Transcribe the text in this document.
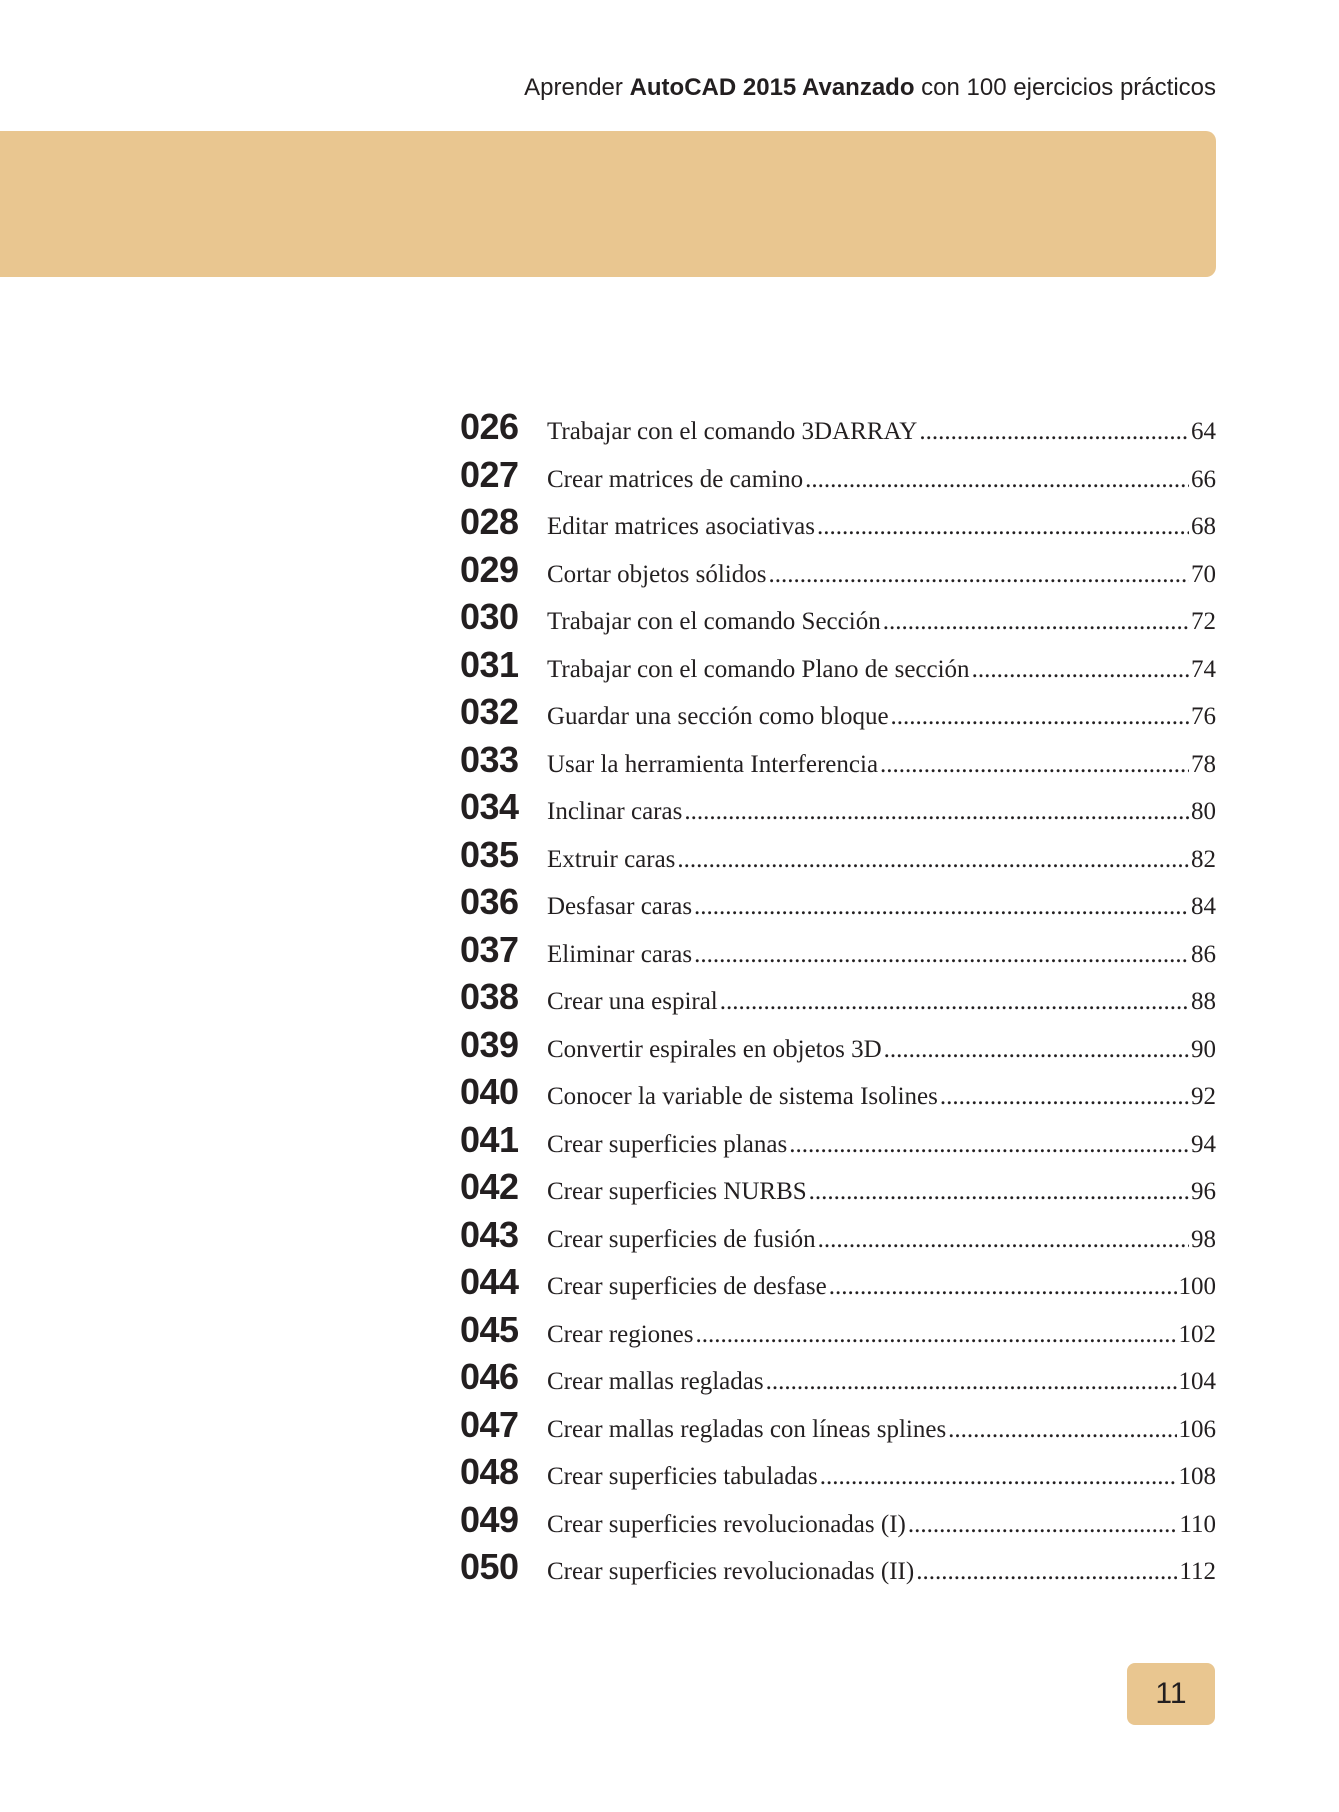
Aprender AutoCAD 2015 Avanzado con 100 ejercicios prácticos
026	Trabajar con el comando 3DARRAY .....	64
027	Crear matrices de camino .....	66
028	Editar matrices asociativas .....	68
029	Cortar objetos sólidos .....	70
030	Trabajar con el comando Sección .....	72
031	Trabajar con el comando Plano de sección .....	74
032	Guardar una sección como bloque .....	76
033	Usar la herramienta Interferencia .....	78
034	Inclinar caras .....	80
035	Extruir caras .....	82
036	Desfasar caras .....	84
037	Eliminar caras .....	86
038	Crear una espiral .....	88
039	Convertir espirales en objetos 3D .....	90
040	Conocer la variable de sistema Isolines .....	92
041	Crear superficies planas .....	94
042	Crear superficies NURBS .....	96
043	Crear superficies de fusión .....	98
044	Crear superficies de desfase .....	100
045	Crear regiones .....	102
046	Crear mallas regladas .....	104
047	Crear mallas regladas con líneas splines .....	106
048	Crear superficies tabuladas .....	108
049	Crear superficies revolucionadas (I) .....	110
050	Crear superficies revolucionadas (II) .....	112
11
